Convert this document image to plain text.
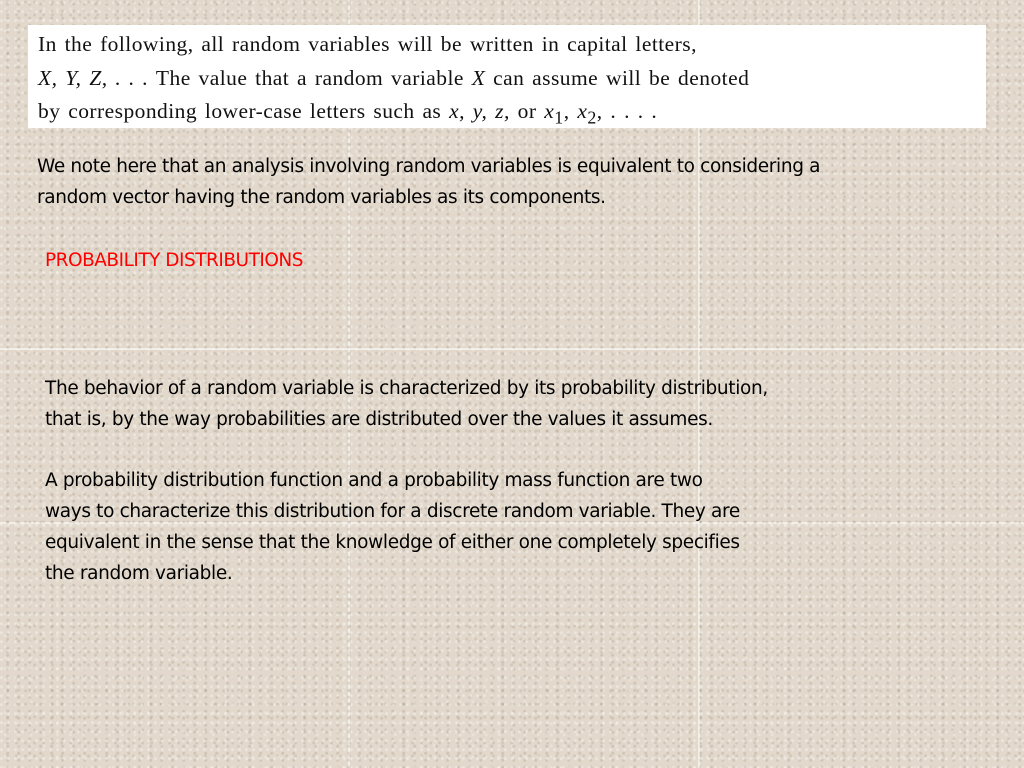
In the following, all random variables will be written in capital letters,
X, Y, Z, . . . The value that a random variable X can assume will be denoted
by corresponding lower-case letters such as x, y, z, or $x_1$, $x_2$, . . . .
We note here that an analysis involving random variables is equivalent to considering a
random vector having the random variables as its components.
PROBABILITY DISTRIBUTIONS
The behavior of a random variable is characterized by its probability distribution,
that is, by the way probabilities are distributed over the values it assumes.
A probability distribution function and a probability mass function are two
ways to characterize this distribution for a discrete random variable. They are
equivalent in the sense that the knowledge of either one completely specifies
the random variable.
